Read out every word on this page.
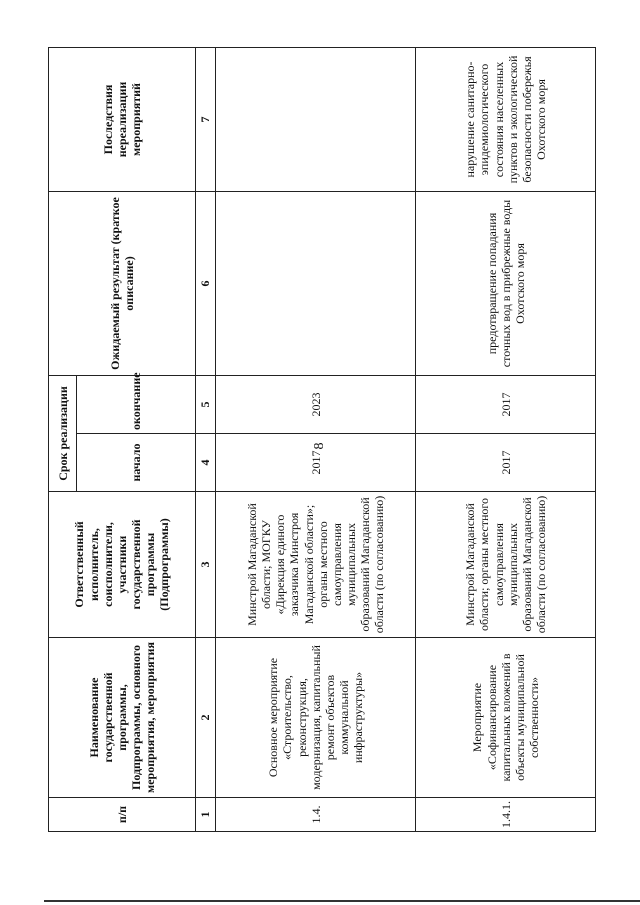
8
п/п	Наименование государственной программы, Подпрограммы, основного мероприятия, мероприятия	Ответственный исполнитель, соисполнители, участники государственной программы (Подпрограммы)	Срок реализации		Ожидаемый результат (краткое описание)	Последствия нереализации мероприятий
			начало	окончание		
1	2	3	4	5	6	7
1.4.	Основное мероприятие «Строительство, реконструкция, модернизация, капитальный ремонт объектов коммунальной инфраструктуры»	Минстрой Магаданской области; МОГКУ «Дирекция единого заказчика Минстроя Магаданской области»; органы местного самоуправления муниципальных образований Магаданской области (по согласованию)	2017	2023		
1.4.1.	Мероприятие «Софинансирование капитальных вложений в объекты муниципальной собственности»	Минстрой Магаданской области; органы местного самоуправления муниципальных образований Магаданской области (по согласованию)	2017	2017	предотвращение попадания сточных вод в прибрежные воды Охотского моря	нарушение санитарно-эпидемиологического состояния населенных пунктов и экологической безопасности побережья Охотского моря
